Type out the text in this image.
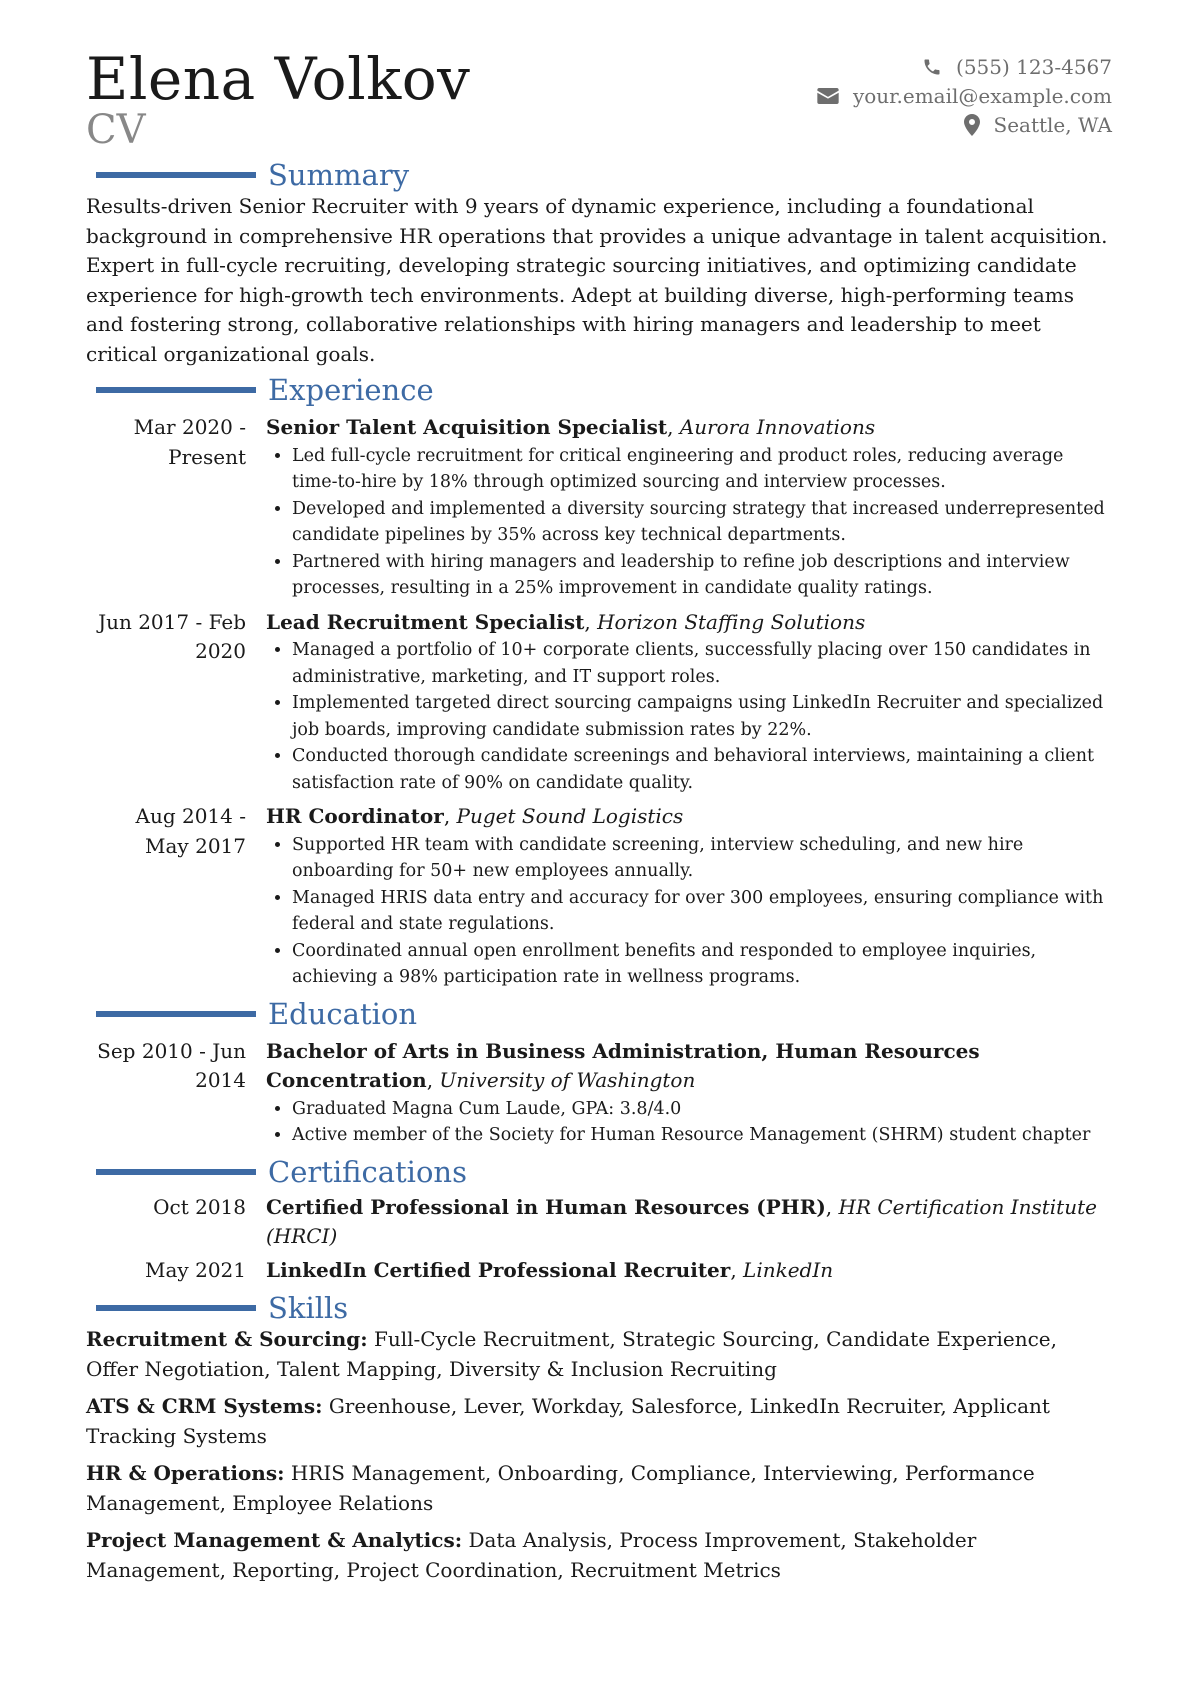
Elena Volkov
CV
(555) 123-4567
your.email@example.com
Seattle, WA
Summary

Results-driven Senior Recruiter with 9 years of dynamic experience, including a foundational background in comprehensive HR operations that provides a unique advantage in talent acquisition. Expert in full-cycle recruiting, developing strategic sourcing initiatives, and optimizing candidate experience for high-growth tech environments. Adept at building diverse, high-performing teams and fostering strong, collaborative relationships with hiring managers and leadership to meet critical organizational goals.

Experience
Mar 2020 - Present
Senior Talent Acquisition Specialist, Aurora Innovations
• Led full-cycle recruitment for critical engineering and product roles, reducing average time-to-hire by 18% through optimized sourcing and interview processes.
• Developed and implemented a diversity sourcing strategy that increased underrepresented candidate pipelines by 35% across key technical departments.
• Partnered with hiring managers and leadership to refine job descriptions and interview processes, resulting in a 25% improvement in candidate quality ratings.
Jun 2017 - Feb 2020
Lead Recruitment Specialist, Horizon Staffing Solutions
• Managed a portfolio of 10+ corporate clients, successfully placing over 150 candidates in administrative, marketing, and IT support roles.
• Implemented targeted direct sourcing campaigns using LinkedIn Recruiter and specialized job boards, improving candidate submission rates by 22%.
• Conducted thorough candidate screenings and behavioral interviews, maintaining a client satisfaction rate of 90% on candidate quality.
Aug 2014 - May 2017
HR Coordinator, Puget Sound Logistics
• Supported HR team with candidate screening, interview scheduling, and new hire onboarding for 50+ new employees annually.
• Managed HRIS data entry and accuracy for over 300 employees, ensuring compliance with federal and state regulations.
• Coordinated annual open enrollment benefits and responded to employee inquiries, achieving a 98% participation rate in wellness programs.
Education
Sep 2010 - Jun 2014
Bachelor of Arts in Business Administration, Human Resources Concentration, University of Washington
• Graduated Magna Cum Laude, GPA: 3.8/4.0
• Active member of the Society for Human Resource Management (SHRM) student chapter
Certifications
Oct 2018	Certified Professional in Human Resources (PHR), HR Certification Institute (HRCI)
May 2021	LinkedIn Certified Professional Recruiter, LinkedIn
Skills
Recruitment & Sourcing: Full-Cycle Recruitment, Strategic Sourcing, Candidate Experience, Offer Negotiation, Talent Mapping, Diversity & Inclusion Recruiting
ATS & CRM Systems: Greenhouse, Lever, Workday, Salesforce, LinkedIn Recruiter, Applicant Tracking Systems
HR & Operations: HRIS Management, Onboarding, Compliance, Interviewing, Performance Management, Employee Relations
Project Management & Analytics: Data Analysis, Process Improvement, Stakeholder Management, Reporting, Project Coordination, Recruitment Metrics
